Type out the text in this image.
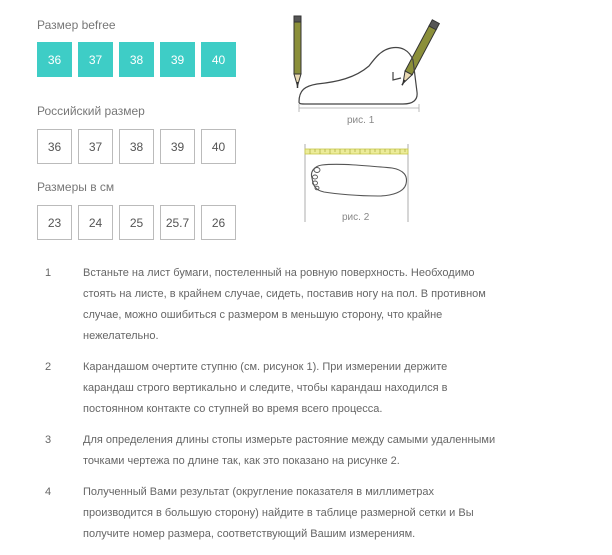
Размер befree
36	37	38	39	40
Российский размер
36	37	38	39	40
Размеры в см
23	24	25	25.7	26
рис. 1
рис. 2
1	Встаньте на лист бумаги, постеленный на ровную поверхность. Необходимо стоять на листе, в крайнем случае, сидеть, поставив ногу на пол. В противном случае, можно ошибиться с размером в меньшую сторону, что крайне нежелательно.
2	Карандашом очертите ступню (см. рисунок 1). При измерении держите карандаш строго вертикально и следите, чтобы карандаш находился в постоянном контакте со ступней во время всего процесса.
3	Для определения длины стопы измерьте растояние между самыми удаленными точками чертежа по длине так, как это показано на рисунке 2.
4	Полученный Вами результат (округление показателя в миллиметрах производится в большую сторону) найдите в таблице размерной сетки и Вы получите номер размера, соответствующий Вашим измерениям.
